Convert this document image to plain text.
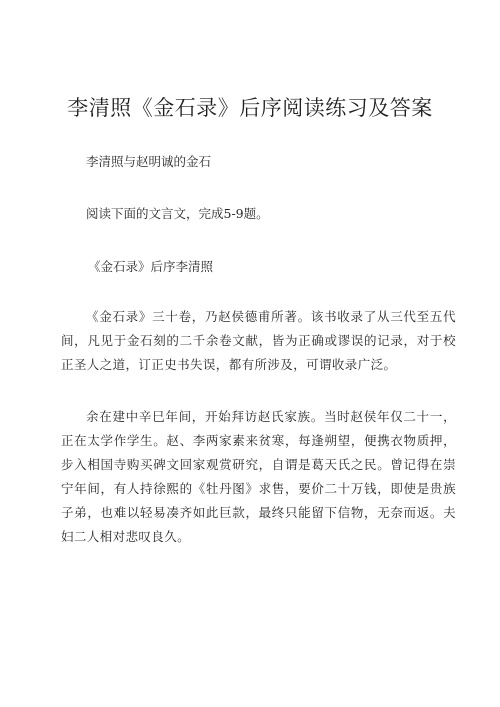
李清照《金石录》后序阅读练习及答案

李清照与赵明诚的金石

阅读下面的文言文，完成5-9题。

《金石录》后序李清照

《金石录》三十卷，乃赵侯德甫所著。该书收录了从三代至五代间，凡见于金石刻的二千余卷文献，皆为正确或谬误的记录，对于校正圣人之道，订正史书失误，都有所涉及，可谓收录广泛。

余在建中辛巳年间，开始拜访赵氏家族。当时赵侯年仅二十一，正在太学作学生。赵、李两家素来贫寒，每逢朔望，便携衣物质押，步入相国寺购买碑文回家观赏研究，自谓是葛天氏之民。曾记得在崇宁年间，有人持徐熙的《牡丹图》求售，要价二十万钱，即使是贵族子弟，也难以轻易凑齐如此巨款，最终只能留下信物，无奈而返。夫妇二人相对悲叹良久。
